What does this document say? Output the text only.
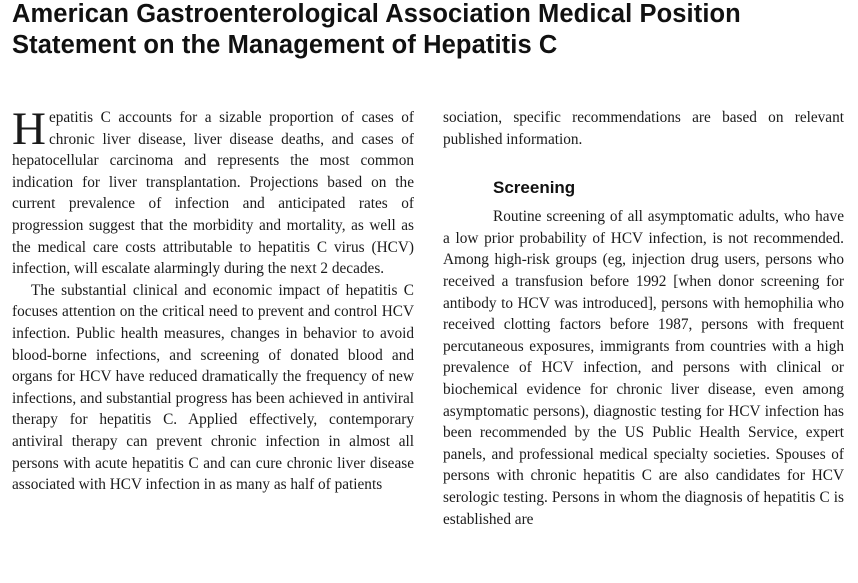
American Gastroenterological Association Medical Position Statement on the Management of Hepatitis C

Hepatitis C accounts for a sizable proportion of cases of chronic liver disease, liver disease deaths, and cases of hepatocellular carcinoma and represents the most common indication for liver transplantation. Projections based on the current prevalence of infection and anticipated rates of progression suggest that the morbidity and mortality, as well as the medical care costs attributable to hepatitis C virus (HCV) infection, will escalate alarmingly during the next 2 decades.

The substantial clinical and economic impact of hepatitis C focuses attention on the critical need to prevent and control HCV infection. Public health measures, changes in behavior to avoid blood-borne infections, and screening of donated blood and organs for HCV have reduced dramatically the frequency of new infections, and substantial progress has been achieved in antiviral therapy for hepatitis C. Applied effectively, contemporary antiviral therapy can prevent chronic infection in almost all persons with acute hepatitis C and can cure chronic liver disease associated with HCV infection in as many as half of patients

sociation, specific recommendations are based on relevant published information.

Screening

Routine screening of all asymptomatic adults, who have a low prior probability of HCV infection, is not recommended. Among high-risk groups (eg, injection drug users, persons who received a transfusion before 1992 [when donor screening for antibody to HCV was introduced], persons with hemophilia who received clotting factors before 1987, persons with frequent percutaneous exposures, immigrants from countries with a high prevalence of HCV infection, and persons with clinical or biochemical evidence for chronic liver disease, even among asymptomatic persons), diagnostic testing for HCV infection has been recommended by the US Public Health Service, expert panels, and professional medical specialty societies. Spouses of persons with chronic hepatitis C are also candidates for HCV serologic testing. Persons in whom the diagnosis of hepatitis C is established are
